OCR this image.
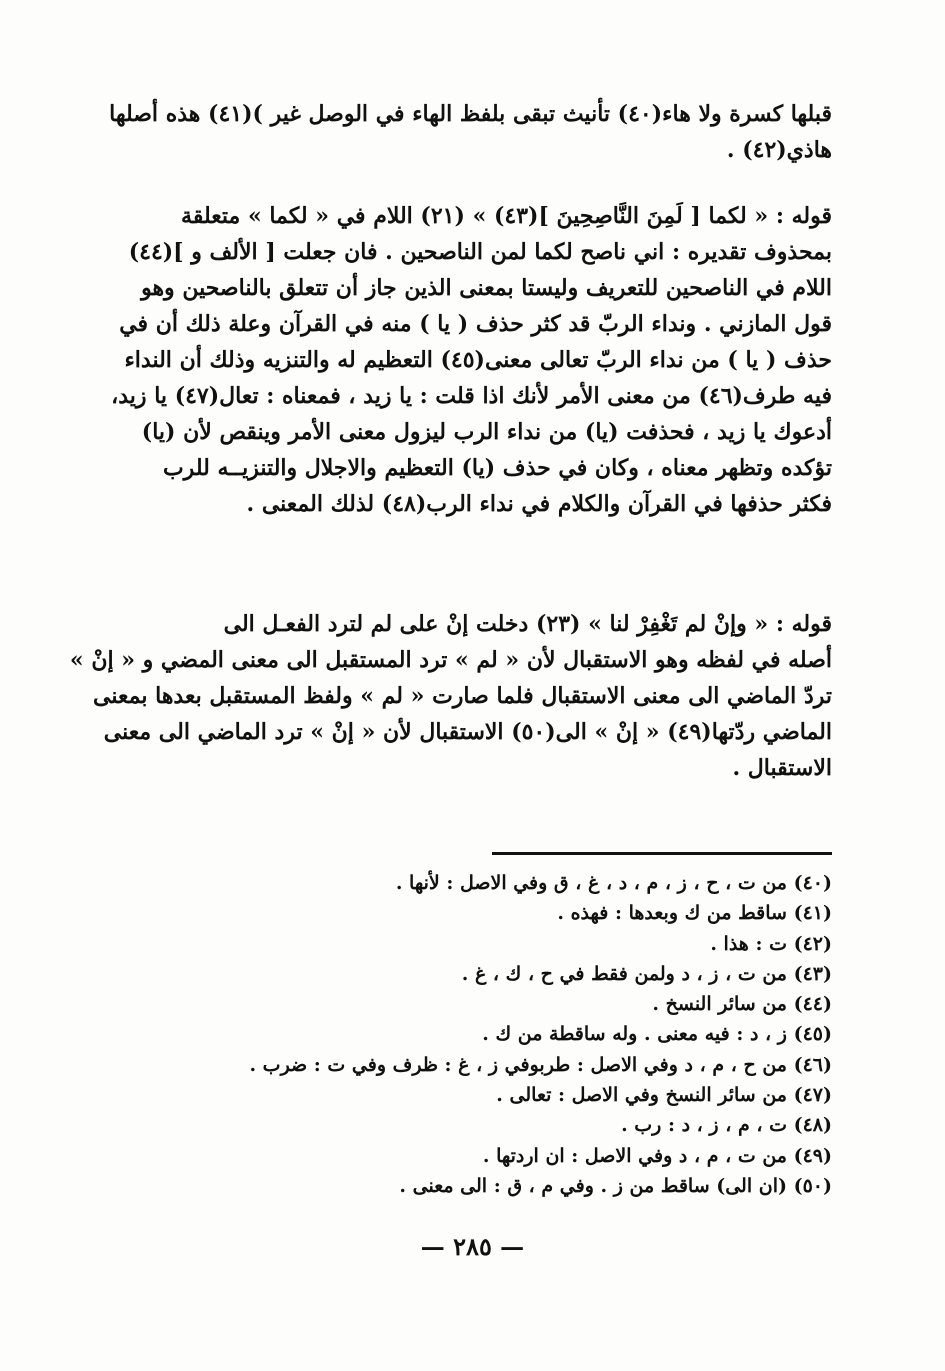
قبلها كسرة ولا هاء(٤٠) تأنيث تبقى بلفظ الهاء في الوصل غير )(٤١) هذه أصلها
هاذي(٤٢) .
قوله : « لكما [ لَمِنَ النَّاصِحِينَ ](٤٣) » (٢١) اللام في « لكما » متعلقة
بمحذوف تقديره : اني ناصح لكما لمن الناصحين . فان جعلت [ الألف و ](٤٤)
اللام في الناصحين للتعريف وليستا بمعنى الذين جاز أن تتعلق بالناصحين وهو
قول المازني . ونداء الربّ قد كثر حذف ( يا ) منه في القرآن وعلة ذلك أن في
حذف ( يا ) من نداء الربّ تعالى معنى(٤٥) التعظيم له والتنزيه وذلك أن النداء
فيه طرف(٤٦) من معنى الأمر لأنك اذا قلت : يا زيد ، فمعناه : تعال(٤٧) يا زيد،
أدعوك يا زيد ، فحذفت (يا) من نداء الرب ليزول معنى الأمر وينقص لأن (يا)
تؤكده وتظهر معناه ، وكان في حذف (يا) التعظيم والاجلال والتنزيــه للرب
فكثر حذفها في القرآن والكلام في نداء الرب(٤٨) لذلك المعنى .
قوله : « وإنْ لم تَغْفِرْ لنا » (٢٣) دخلت إنْ على لم لترد الفعـل الى
أصله في لفظه وهو الاستقبال لأن « لم » ترد المستقبل الى معنى المضي و « إنْ »
تردّ الماضي الى معنى الاستقبال فلما صارت « لم » ولفظ المستقبل بعدها بمعنى
الماضي ردّتها(٤٩) « إنْ » الى(٥٠) الاستقبال لأن « إنْ » ترد الماضي الى معنى
الاستقبال .
(٤٠) من ت ، ح ، ز ، م ، د ، غ ، ق وفي الاصل : لأنها .
(٤١) ساقط من ك وبعدها : فهذه .
(٤٢) ت : هذا .
(٤٣) من ت ، ز ، د ولمن فقط في ح ، ك ، غ .
(٤٤) من سائر النسخ .
(٤٥) ز ، د : فيه معنى . وله ساقطة من ك .
(٤٦) من ح ، م ، د وفي الاصل : طربوفي ز ، غ : ظرف وفي ت : ضرب .
(٤٧) من سائر النسخ وفي الاصل : تعالى .
(٤٨) ت ، م ، ز ، د : رب .
(٤٩) من ت ، م ، د وفي الاصل : ان اردتها .
(٥٠) (ان الى) ساقط من ز . وفي م ، ق : الى معنى .
— ٢٨٥ —
